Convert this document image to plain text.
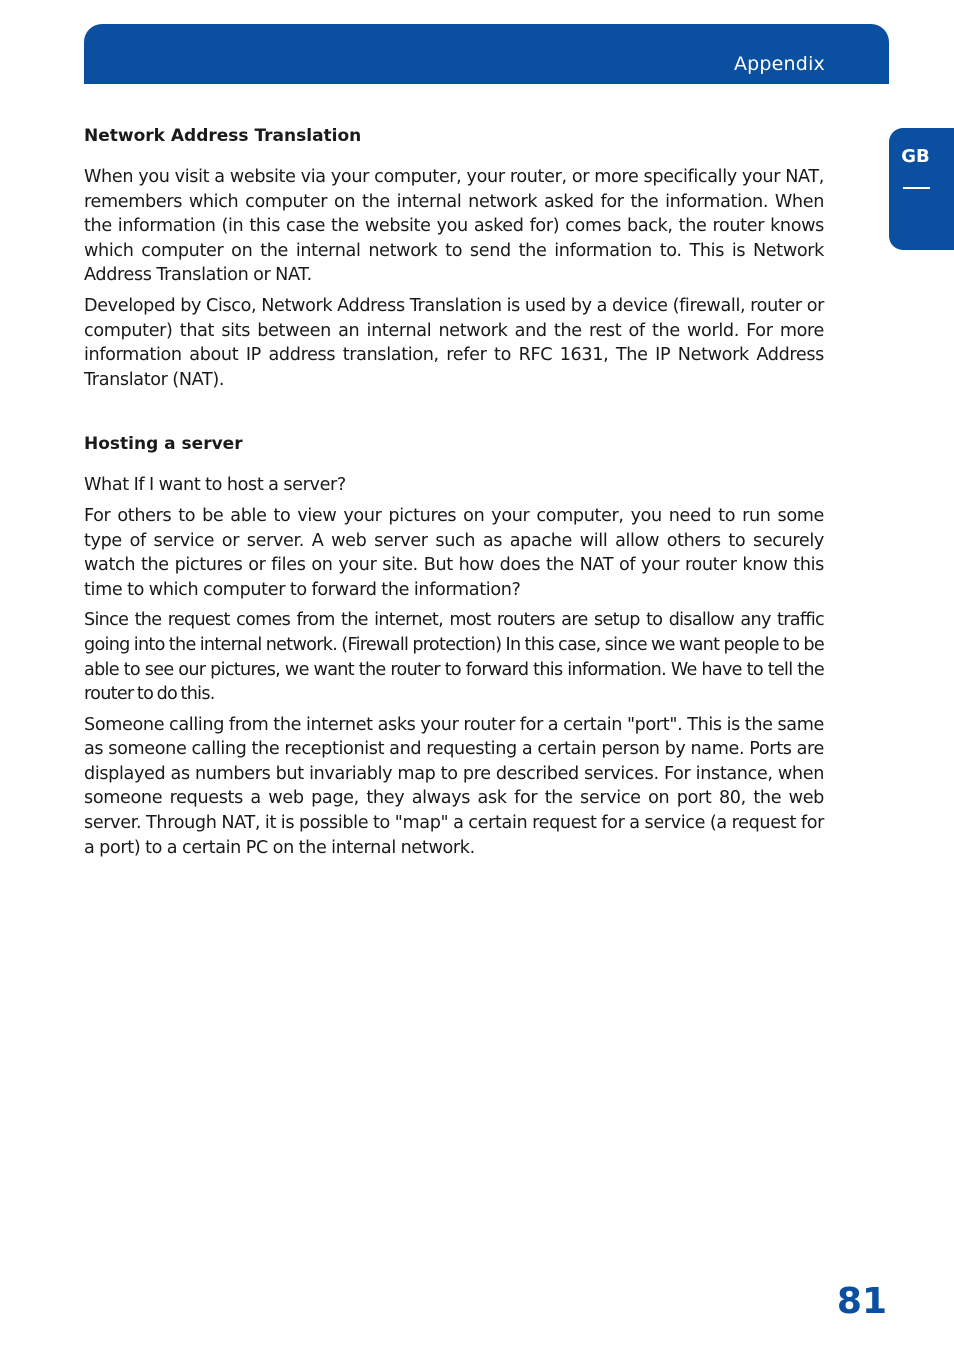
Appendix
GB
Network Address Translation

When you visit a website via your computer, your router, or more specifically your NAT, remembers which computer on the internal network asked for the information. When the information (in this case the website you asked for) comes back, the router knows which computer on the internal network to send the information to. This is Network Address Translation or NAT.

Developed by Cisco, Network Address Translation is used by a device (firewall, router or computer) that sits between an internal network and the rest of the world. For more information about IP address translation, refer to RFC 1631, The IP Network Address Translator (NAT).

Hosting a server

What If I want to host a server?

For others to be able to view your pictures on your computer, you need to run some type of service or server. A web server such as apache will allow others to securely watch the pictures or files on your site. But how does the NAT of your router know this time to which computer to forward the information?

Since the request comes from the internet, most routers are setup to disallow any traffic going into the internal network. (Firewall protection) In this case, since we want people to be able to see our pictures, we want the router to forward this information. We have to tell the router to do this.

Someone calling from the internet asks your router for a certain "port". This is the same as someone calling the receptionist and requesting a certain person by name. Ports are displayed as numbers but invariably map to pre described services. For instance, when someone requests a web page, they always ask for the service on port 80, the web server. Through NAT, it is possible to "map" a certain request for a service (a request for a port) to a certain PC on the internal network.

81
